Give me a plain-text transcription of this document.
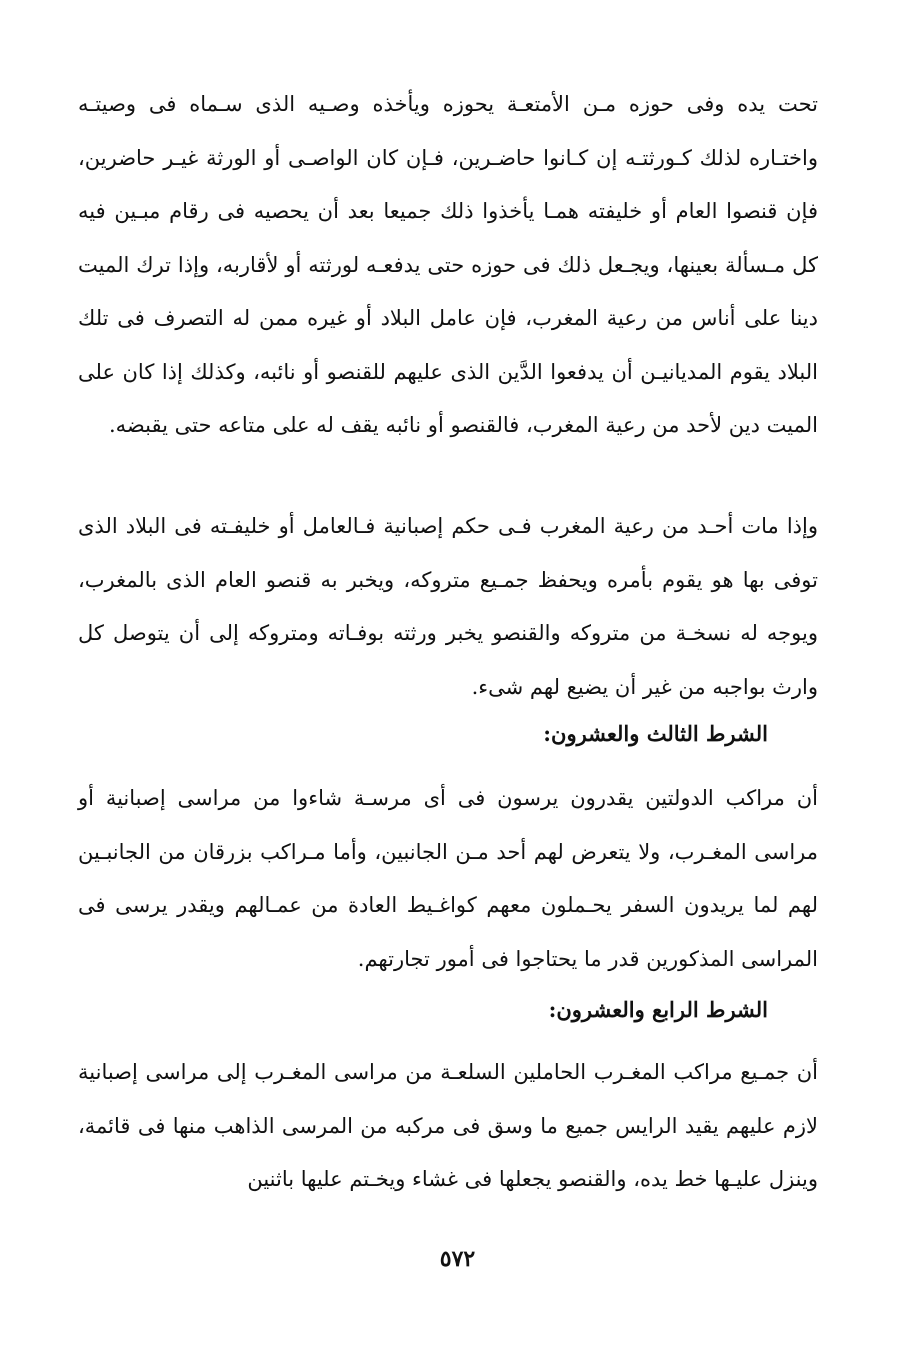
تحت يده وفى حوزه مـن الأمتعـة يحوزه ويأخذه وصـيه الذى سـماه فى وصيتـه واختـاره لذلك كـورثتـه إن كـانوا حاضـرين، فـإن كان الواصـى أو الورثة غيـر حاضرين، فإن قنصوا العام أو خليفته همـا يأخذوا ذلك جميعا بعد أن يحصيه فى رقام مبـين فيه كل مـسألة بعينها، ويجـعل ذلك فى حوزه حتى يدفعـه لورثته أو لأقاربه، وإذا ترك الميت دينا على أناس من رعية المغرب، فإن عامل البلاد أو غيره ممن له التصرف فى تلك البلاد يقوم المديانيـن أن يدفعوا الدَّين الذى عليهم للقنصو أو نائبه، وكذلك إذا كان على الميت دين لأحد من رعية المغرب، فالقنصو أو نائبه يقف له على متاعه حتى يقبضه.

وإذا مات أحـد من رعية المغرب فـى حكم إصبانية فـالعامل أو خليفـته فى البلاد الذى توفى بها هو يقوم بأمره ويحفظ جمـيع متروكه، ويخبر به قنصو العام الذى بالمغرب، ويوجه له نسخـة من متروكه والقنصو يخبر ورثته بوفـاته ومتروكه إلى أن يتوصل كل وارث بواجبه من غير أن يضيع لهم شىء.

الشرط الثالث والعشرون:

أن مراكب الدولتين يقدرون يرسون فى أى مرسـة شاءوا من مراسى إصبانية أو مراسى المغـرب، ولا يتعرض لهم أحد مـن الجانبين، وأما مـراكب بزرقان من الجانبـين لهم لما يريدون السفر يحـملون معهم كواغـيط العادة من عمـالهم ويقدر يرسى فى المراسى المذكورين قدر ما يحتاجوا فى أمور تجارتهم.

الشرط الرابع والعشرون:

أن جمـيع مراكب المغـرب الحاملين السلعـة من مراسى المغـرب إلى مراسى إصبانية لازم عليهم يقيد الرايس جميع ما وسق فى مركبه من المرسى الذاهب منها فى قائمة، وينزل عليـها خط يده، والقنصو يجعلها فى غشاء ويخـتم عليها باثنين

٥٧٢
